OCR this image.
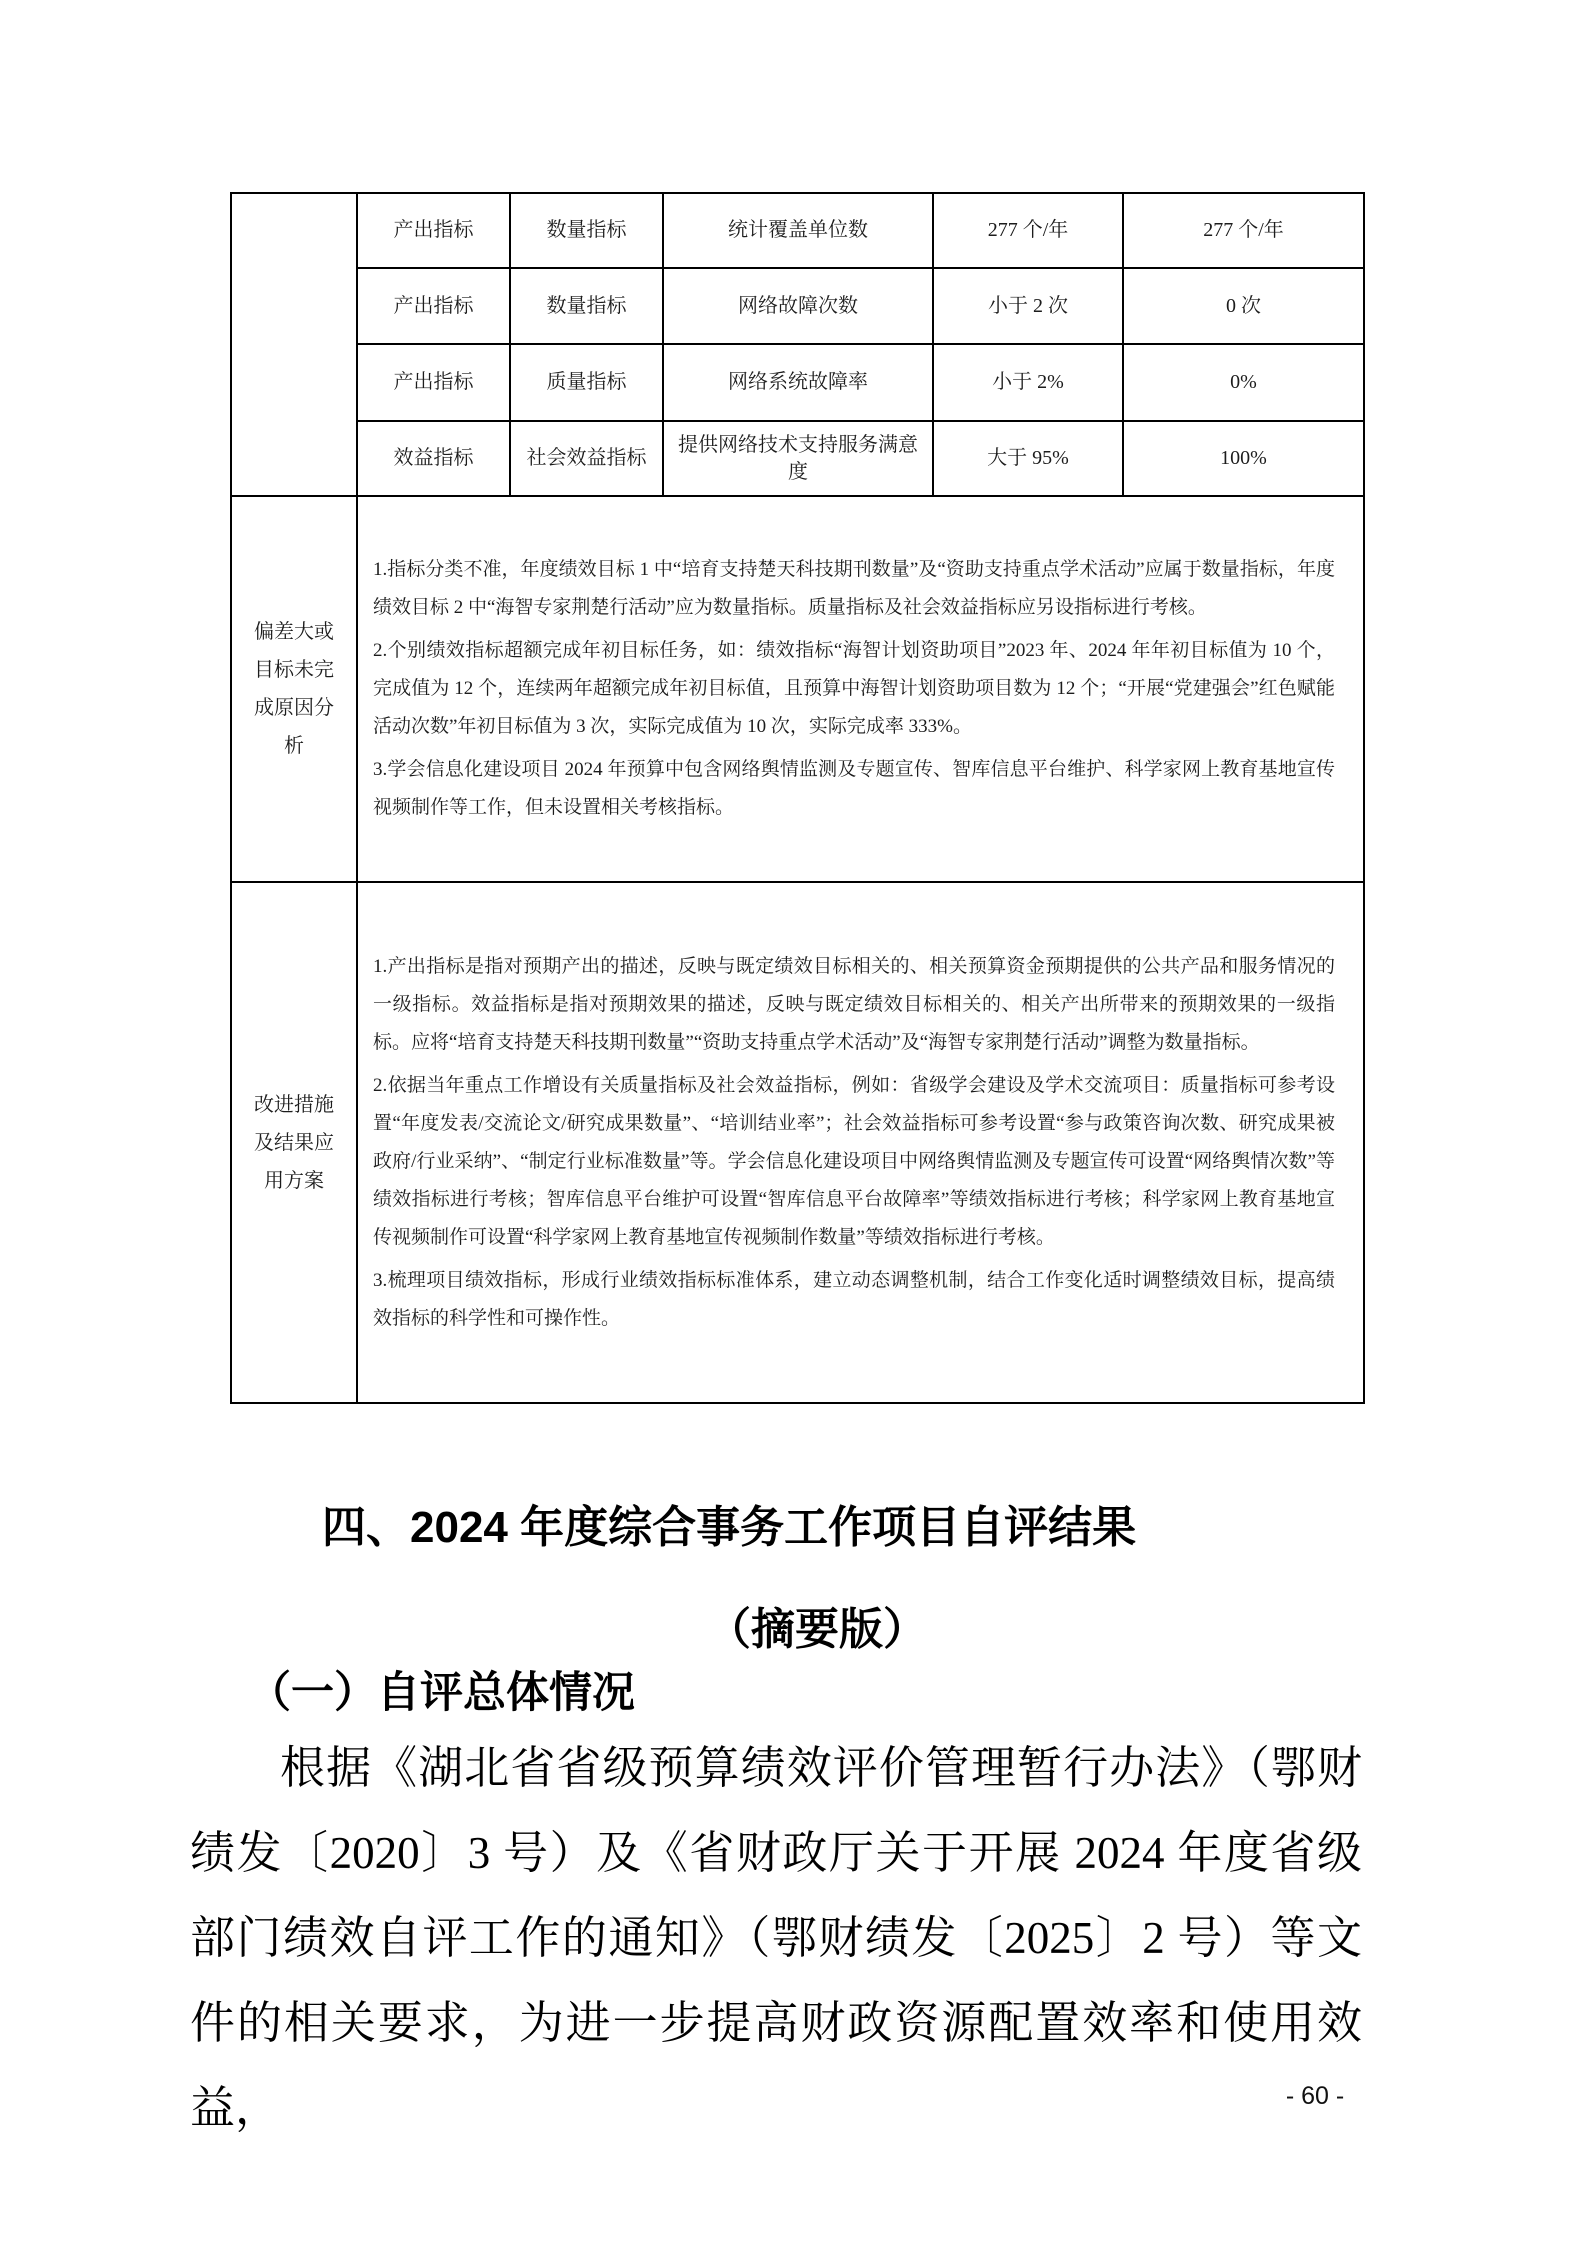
	产出指标	数量指标	统计覆盖单位数	277 个/年	277 个/年
	产出指标	数量指标	网络故障次数	小于 2 次	0 次
	产出指标	质量指标	网络系统故障率	小于 2%	0%
	效益指标	社会效益指标	提供网络技术支持服务满意度	大于 95%	100%
偏差大或目标未完成原因分析	1.指标分类不准，年度绩效目标 1 中“培育支持楚天科技期刊数量”及“资助支持重点学术活动”应属于数量指标，年度绩效目标 2 中“海智专家荆楚行活动”应为数量指标。质量指标及社会效益指标应另设指标进行考核。

2.个别绩效指标超额完成年初目标任务，如：绩效指标“海智计划资助项目”2023 年、2024 年年初目标值为 10 个，完成值为 12 个，连续两年超额完成年初目标值，且预算中海智计划资助项目数为 12 个；“开展“党建强会”红色赋能活动次数”年初目标值为 3 次，实际完成值为 10 次，实际完成率 333%。

3.学会信息化建设项目 2024 年预算中包含网络舆情监测及专题宣传、智库信息平台维护、科学家网上教育基地宣传视频制作等工作，但未设置相关考核指标。				

改进措施及结果应用方案	1.产出指标是指对预期产出的描述，反映与既定绩效目标相关的、相关预算资金预期提供的公共产品和服务情况的一级指标。效益指标是指对预期效果的描述，反映与既定绩效目标相关的、相关产出所带来的预期效果的一级指标。应将“培育支持楚天科技期刊数量”“资助支持重点学术活动”及“海智专家荆楚行活动”调整为数量指标。

2.依据当年重点工作增设有关质量指标及社会效益指标，例如：省级学会建设及学术交流项目：质量指标可参考设置“年度发表/交流论文/研究成果数量”、“培训结业率”；社会效益指标可参考设置“参与政策咨询次数、研究成果被政府/行业采纳”、“制定行业标准数量”等。学会信息化建设项目中网络舆情监测及专题宣传可设置“网络舆情次数”等绩效指标进行考核；智库信息平台维护可设置“智库信息平台故障率”等绩效指标进行考核；科学家网上教育基地宣传视频制作可设置“科学家网上教育基地宣传视频制作数量”等绩效指标进行考核。

3.梳理项目绩效指标，形成行业绩效指标标准体系，建立动态调整机制，结合工作变化适时调整绩效目标，提高绩效指标的科学性和可操作性。				

四、2024 年度综合事务工作项目自评结果
（摘要版）
（一）自评总体情况
根据《湖北省省级预算绩效评价管理暂行办法》（鄂财绩发〔2020〕3 号）及《省财政厅关于开展 2024 年度省级部门绩效自评工作的通知》（鄂财绩发〔2025〕2 号）等文件的相关要求，为进一步提高财政资源配置效率和使用效益，	- 60 -
